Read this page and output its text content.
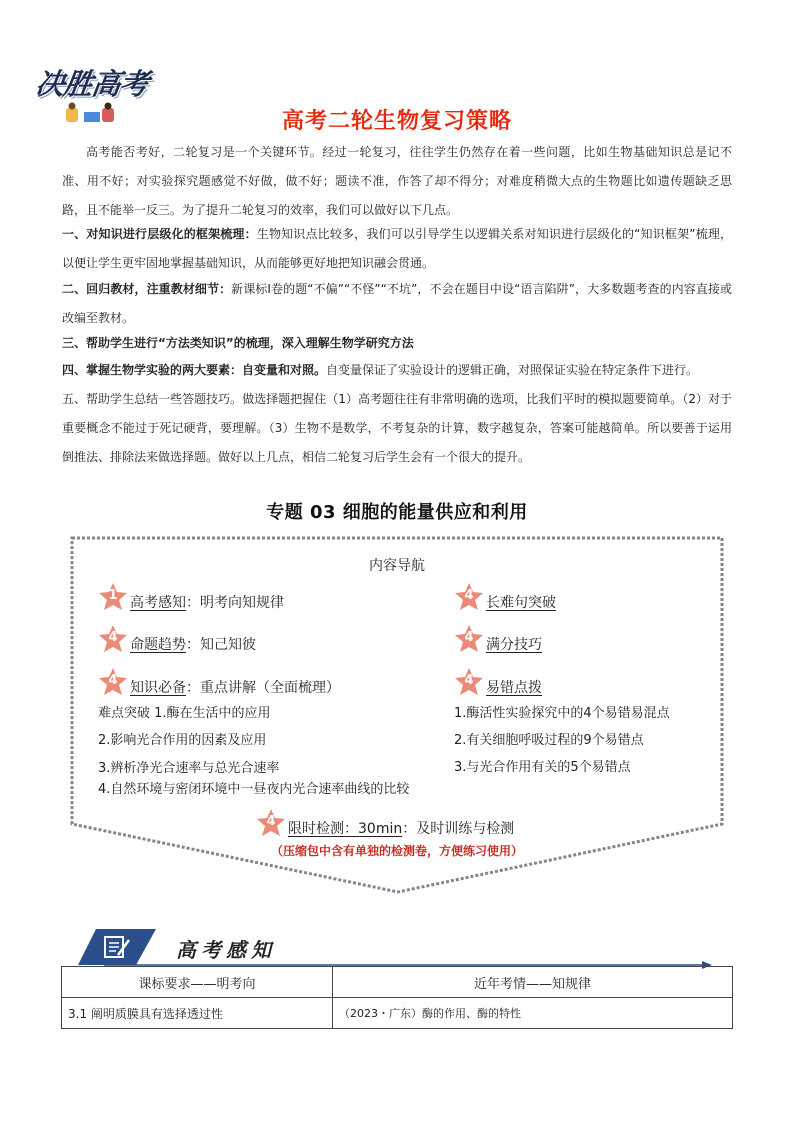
决胜高考
高考二轮生物复习策略
高考能否考好，二轮复习是一个关键环节。经过一轮复习，往往学生仍然存在着一些问题，比如生物基础知识总是记不准、用不好；对实验探究题感觉不好做，做不好；题读不准，作答了却不得分；对难度稍微大点的生物题比如遗传题缺乏思路，且不能举一反三。为了提升二轮复习的效率，我们可以做好以下几点。
一、对知识进行层级化的框架梳理：生物知识点比较多，我们可以引导学生以逻辑关系对知识进行层级化的“知识框架”梳理，以便让学生更牢固地掌握基础知识，从而能够更好地把知识融会贯通。
二、回归教材，注重教材细节：新课标Ⅰ卷的题“不偏”“不怪”“不坑”，不会在题目中设“语言陷阱”，大多数题考查的内容直接或改编至教材。
三、帮助学生进行“方法类知识”的梳理，深入理解生物学研究方法
四、掌握生物学实验的两大要素：自变量和对照。自变量保证了实验设计的逻辑正确，对照保证实验在特定条件下进行。
五、帮助学生总结一些答题技巧。做选择题把握住（1）高考题往往有非常明确的选项，比我们平时的模拟题要简单。（2）对于重要概念不能过于死记硬背，要理解。（3）生物不是数学，不考复杂的计算，数字越复杂，答案可能越简单。所以要善于运用倒推法、排除法来做选择题。做好以上几点，相信二轮复习后学生会有一个很大的提升。
专题 03 细胞的能量供应和利用
内容导航
1 高考感知 ：明考向知规律	4 长难句突破
4 命题趋势 ：知己知彼	4 满分技巧
4 知识必备 ：重点讲解（全面梳理）	4 易错点拨
难点突破 1.酶在生活中的应用
2.影响光合作用的因素及应用
3.辨析净光合速率与总光合速率
4.自然环境与密闭环境中一昼夜内光合速率曲线的比较
1.酶活性实验探究中的4个易错易混点
2.有关细胞呼吸过程的9个易错点
3.与光合作用有关的5个易错点
4 限时检测：30min ：及时训练与检测
（压缩包中含有单独的检测卷，方便练习使用）
高考感知
课标要求——明考向	近年考情——知规律
3.1 阐明质膜具有选择透过性	（2023・广东）酶的作用、酶的特性
